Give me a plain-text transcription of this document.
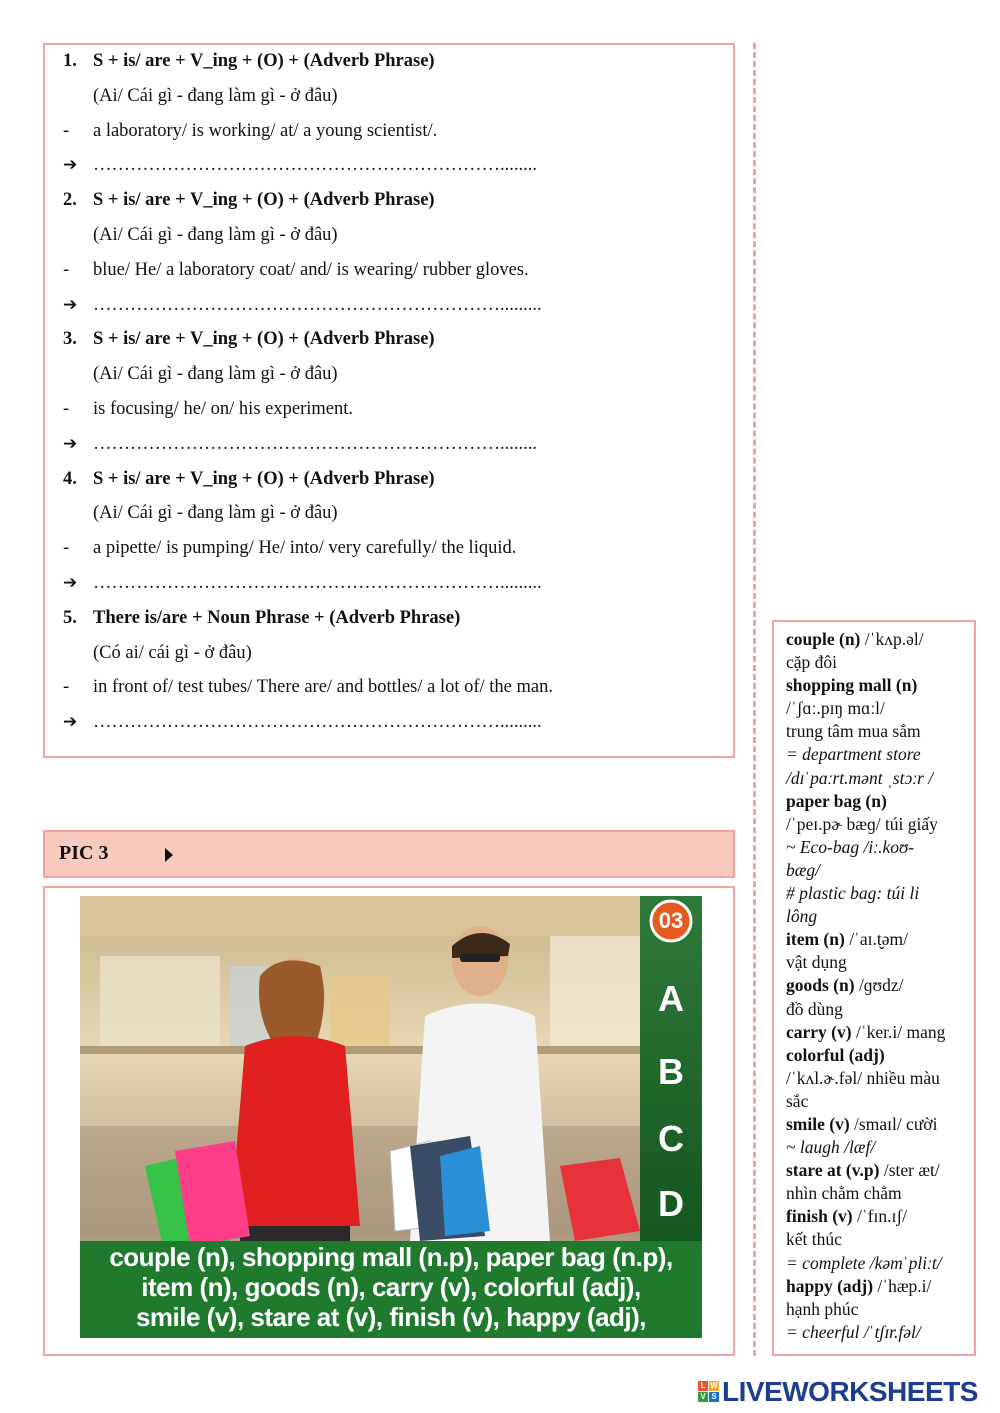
1. S + is/ are + V_ing + (O) + (Adverb Phrase)
(Ai/ Cái gì - đang làm gì - ở đâu)
- a laboratory/ is working/ at/ a young scientist/.
➔ …………………………………………………………........
2. S + is/ are + V_ing + (O) + (Adverb Phrase)
(Ai/ Cái gì - đang làm gì - ở đâu)
- blue/ He/ a laboratory coat/ and/ is wearing/ rubber gloves.
➔ ………………………………………………………….........
3. S + is/ are + V_ing + (O) + (Adverb Phrase)
(Ai/ Cái gì - đang làm gì - ở đâu)
- is focusing/ he/ on/ his experiment.
➔ …………………………………………………………........
4. S + is/ are + V_ing + (O) + (Adverb Phrase)
(Ai/ Cái gì - đang làm gì - ở đâu)
- a pipette/ is pumping/ He/ into/ very carefully/ the liquid.
➔ ………………………………………………………….........
5. There is/are + Noun Phrase + (Adverb Phrase)
(Có ai/ cái gì - ở đâu)
- in front of/ test tubes/ There are/ and bottles/ a lot of/ the man.
➔ ………………………………………………………….........
PIC 3
03
A
B
C
D
couple (n), shopping mall (n.p), paper bag (n.p),
item (n), goods (n), carry (v), colorful (adj),
smile (v), stare at (v), finish (v), happy (adj),

couple (n) /ˈkʌp.əl/

cặp đôi

shopping mall (n)

/ˈʃɑː.pɪŋ mɑːl/

trung tâm mua sắm

= department store

/dɪˈpɑːrt.mənt ˌstɔːr /

paper bag (n)

/ˈpeɪ.pɚ bæɡ/ túi giấy

~ Eco-bag /iː.koʊ-

bæg/

# plastic bag: túi li

lông

item (n) /ˈaɪ.t̬əm/

vật dụng

goods (n) /ɡʊdz/

đồ dùng

carry (v) /ˈker.i/ mang

colorful (adj)

/ˈkʌl.ɚ.fəl/ nhiều màu

sắc

smile (v) /smaɪl/ cười

~ laugh /læf/

stare at (v.p) /ster æt/

nhìn chằm chằm

finish (v) /ˈfɪn.ɪʃ/

kết thúc

= complete /kəmˈpliːt/

happy (adj) /ˈhæp.i/

hạnh phúc

= cheerful /ˈtʃɪr.fəl/

L W
V S LIVEWORKSHEETS
